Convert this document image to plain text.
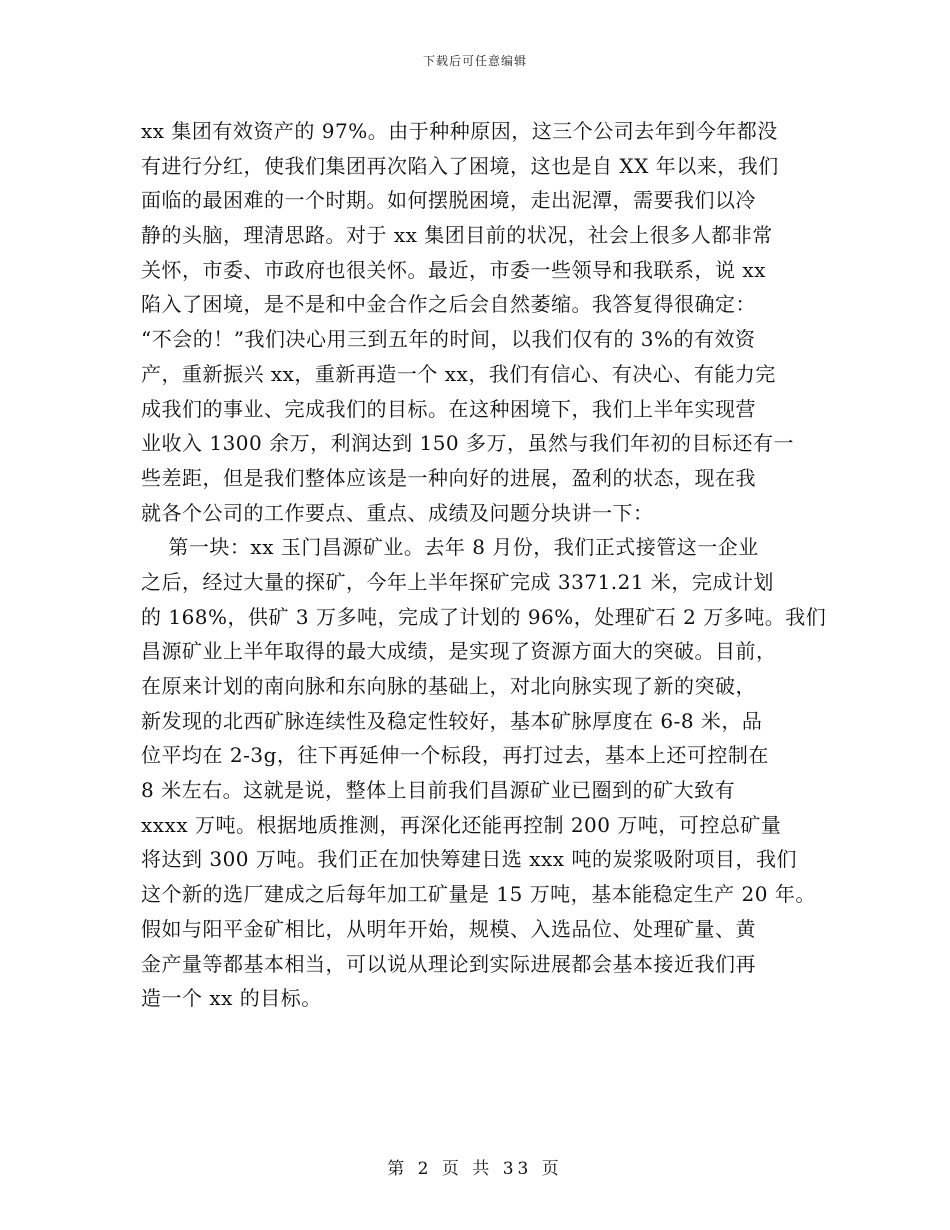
下载后可任意编辑
xx 集团有效资产的 97%。由于种种原因，这三个公司去年到今年都没
有进行分红，使我们集团再次陷入了困境，这也是自 XX 年以来，我们
面临的最困难的一个时期。如何摆脱困境，走出泥潭，需要我们以冷
静的头脑，理清思路。对于 xx 集团目前的状况，社会上很多人都非常
关怀，市委、市政府也很关怀。最近，市委一些领导和我联系，说 xx
陷入了困境，是不是和中金合作之后会自然萎缩。我答复得很确定：
“不会的！”我们决心用三到五年的时间，以我们仅有的 3%的有效资
产，重新振兴 xx，重新再造一个 xx，我们有信心、有决心、有能力完
成我们的事业、完成我们的目标。在这种困境下，我们上半年实现营
业收入 1300 余万，利润达到 150 多万，虽然与我们年初的目标还有一
些差距，但是我们整体应该是一种向好的进展，盈利的状态，现在我
就各个公司的工作要点、重点、成绩及问题分块讲一下：
第一块：xx 玉门昌源矿业。去年 8 月份，我们正式接管这一企业
之后，经过大量的探矿，今年上半年探矿完成 3371.21 米，完成计划
的 168%，供矿 3 万多吨，完成了计划的 96%，处理矿石 2 万多吨。我们
昌源矿业上半年取得的最大成绩，是实现了资源方面大的突破。目前，
在原来计划的南向脉和东向脉的基础上，对北向脉实现了新的突破，
新发现的北西矿脉连续性及稳定性较好，基本矿脉厚度在 6-8 米，品
位平均在 2-3g，往下再延伸一个标段，再打过去，基本上还可控制在
8 米左右。这就是说，整体上目前我们昌源矿业已圈到的矿大致有
xxxx 万吨。根据地质推测，再深化还能再控制 200 万吨，可控总矿量
将达到 300 万吨。我们正在加快筹建日选 xxx 吨的炭浆吸附项目，我们
这个新的选厂建成之后每年加工矿量是 15 万吨，基本能稳定生产 20 年。
假如与阳平金矿相比，从明年开始，规模、入选品位、处理矿量、黄
金产量等都基本相当，可以说从理论到实际进展都会基本接近我们再
造一个 xx 的目标。
第 2 页 共 33 页
